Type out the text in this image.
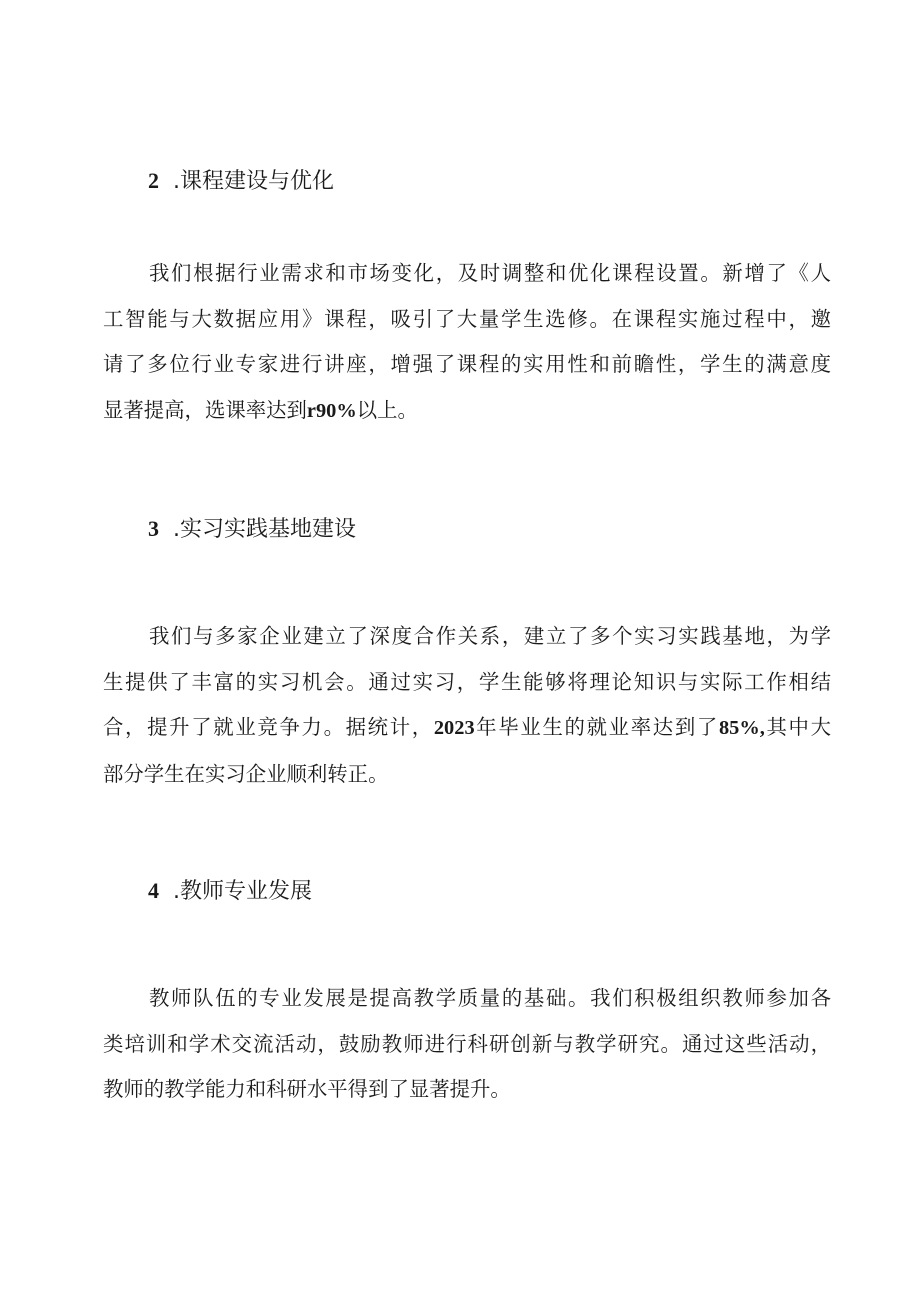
2 .课程建设与优化
我们根据行业需求和市场变化，及时调整和优化课程设置。新增了《人
工智能与大数据应用》课程，吸引了大量学生选修。在课程实施过程中，邀
请了多位行业专家进行讲座，增强了课程的实用性和前瞻性，学生的满意度
显著提高，选课率达到r90%以上。
3 .实习实践基地建设
我们与多家企业建立了深度合作关系，建立了多个实习实践基地，为学
生提供了丰富的实习机会。通过实习，学生能够将理论知识与实际工作相结
合，提升了就业竞争力。据统计，2023年毕业生的就业率达到了85%,其中大
部分学生在实习企业顺利转正。
4 .教师专业发展
教师队伍的专业发展是提高教学质量的基础。我们积极组织教师参加各
类培训和学术交流活动，鼓励教师进行科研创新与教学研究。通过这些活动，
教师的教学能力和科研水平得到了显著提升。
